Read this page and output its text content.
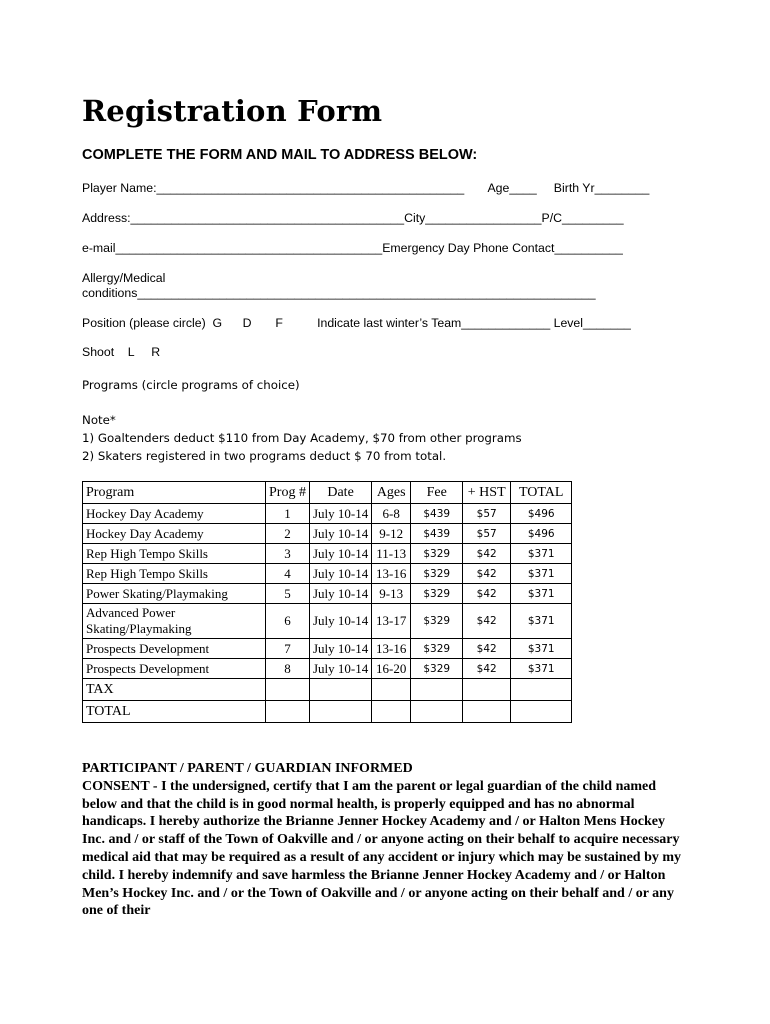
Registration Form
COMPLETE THE FORM AND MAIL TO ADDRESS BELOW:
Player Name:_____________________________________________       Age____     Birth Yr________
Address:________________________________________City_________________P/C_________
e-mail_______________________________________Emergency Day Phone Contact__________
Allergy/Medical
conditions___________________________________________________________________
Position (please circle)  G      D       F          Indicate last winter’s Team_____________ Level_______
Shoot    L     R
Programs (circle programs of choice)
Note*
1) Goaltenders deduct $110 from Day Academy, $70 from other programs
2) Skaters registered in two programs deduct $ 70 from total.
Program	Prog #	Date	Ages	Fee	+ HST	TOTAL
Hockey Day Academy	1	July 10-14	6-8	$439	$57	$496
Hockey Day Academy	2	July 10-14	9-12	$439	$57	$496
Rep High Tempo Skills	3	July 10-14	11-13	$329	$42	$371
Rep High Tempo Skills	4	July 10-14	13-16	$329	$42	$371
Power Skating/Playmaking	5	July 10-14	9-13	$329	$42	$371
Advanced Power Skating/Playmaking	6	July 10-14	13-17	$329	$42	$371
Prospects Development	7	July 10-14	13-16	$329	$42	$371
Prospects Development	8	July 10-14	16-20	$329	$42	$371
TAX						
TOTAL						
PARTICIPANT / PARENT / GUARDIAN INFORMED
CONSENT - I the undersigned, certify that I am the parent or legal guardian of the child named below and that the child is in good normal health, is properly equipped and has no abnormal handicaps. I hereby authorize the Brianne Jenner Hockey Academy and / or Halton Mens Hockey Inc. and / or staff of the Town of Oakville and / or anyone acting on their behalf to acquire necessary medical aid that may be required as a result of any accident or injury which may be sustained by my child. I hereby indemnify and save harmless the Brianne Jenner Hockey Academy and / or Halton Men’s Hockey Inc. and / or the Town of Oakville and / or anyone acting on their behalf and / or any one of their
